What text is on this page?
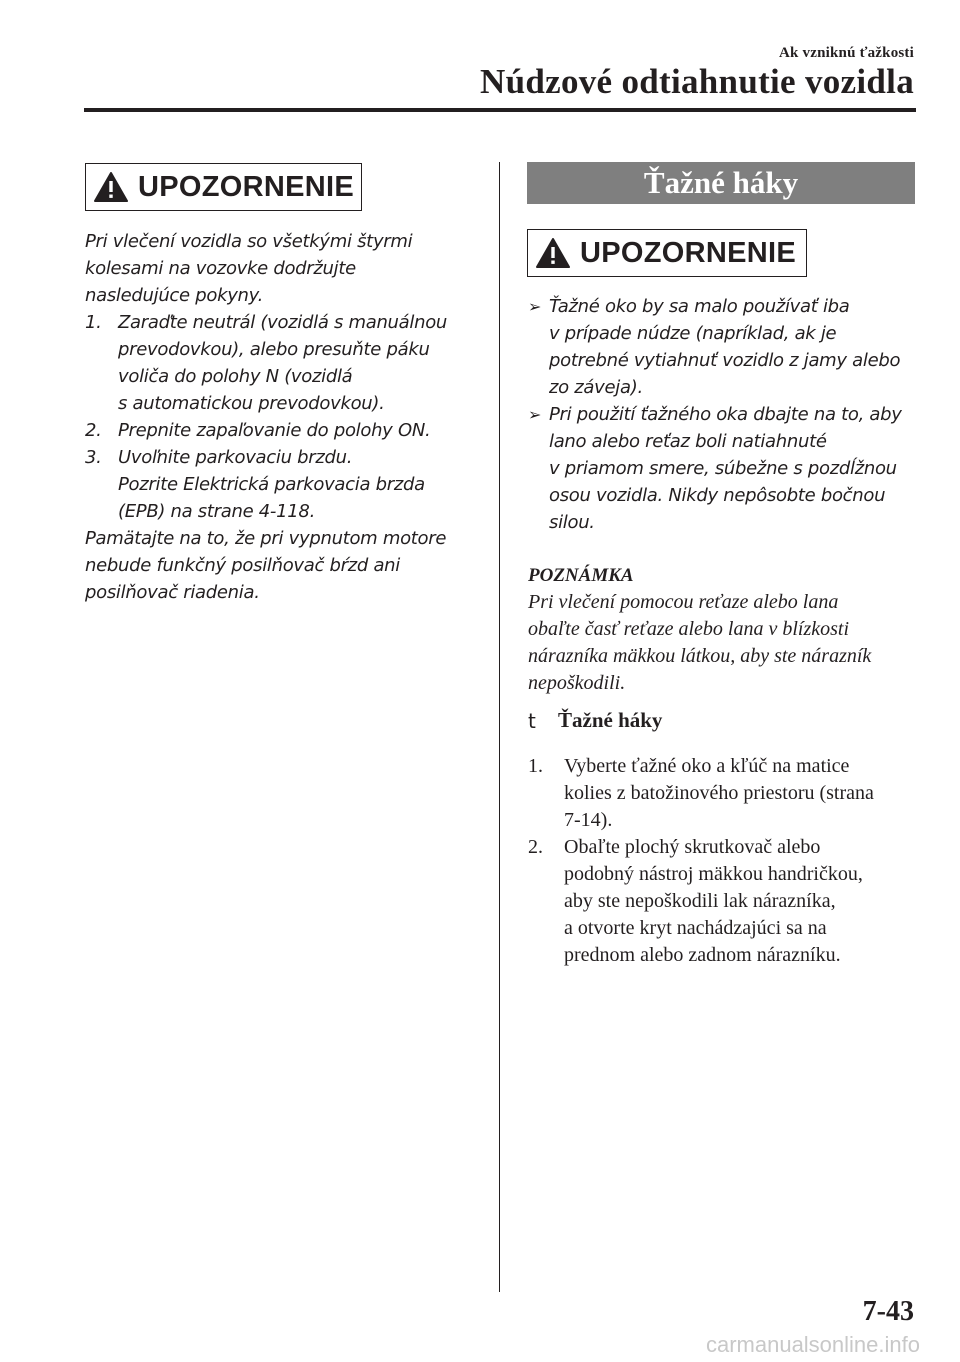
Ak vzniknú ťažkosti
Núdzové odtiahnutie vozidla
UPOZORNENIE
Pri vlečení vozidla so všetkými štyrmi
kolesami na vozovke dodržujte
nasledujúce pokyny.
1. Zaraďte neutrál (vozidlá s manuálnou
prevodovkou), alebo presuňte páku
voliča do polohy N (vozidlá
s automatickou prevodovkou).
2. Prepnite zapaľovanie do polohy ON.
3. Uvoľnite parkovaciu brzdu.
Pozrite Elektrická parkovacia brzda
(EPB) na strane 4-118.
Pamätajte na to, že pri vypnutom motore
nebude funkčný posilňovač bŕzd ani
posilňovač riadenia.
Ťažné háky
UPOZORNENIE
➢ Ťažné oko by sa malo používať iba
v prípade núdze (napríklad, ak je
potrebné vytiahnuť vozidlo z jamy alebo
zo záveja).
➢ Pri použití ťažného oka dbajte na to, aby
lano alebo reťaz boli natiahnuté
v priamom smere, súbežne s pozdĺžnou
osou vozidla. Nikdy nepôsobte bočnou
silou.
POZNÁMKA
Pri vlečení pomocou reťaze alebo lana
obaľte časť reťaze alebo lana v blízkosti
nárazníka mäkkou látkou, aby ste nárazník
nepoškodili.
t	Ťažné háky
1.	Vyberte ťažné oko a kľúč na matice
kolies z batožinového priestoru (strana
7-14).
2.	Obaľte plochý skrutkovač alebo
podobný nástroj mäkkou handričkou,
aby ste nepoškodili lak nárazníka,
a otvorte kryt nachádzajúci sa na
prednom alebo zadnom nárazníku.
7-43
carmanualsonline.info
